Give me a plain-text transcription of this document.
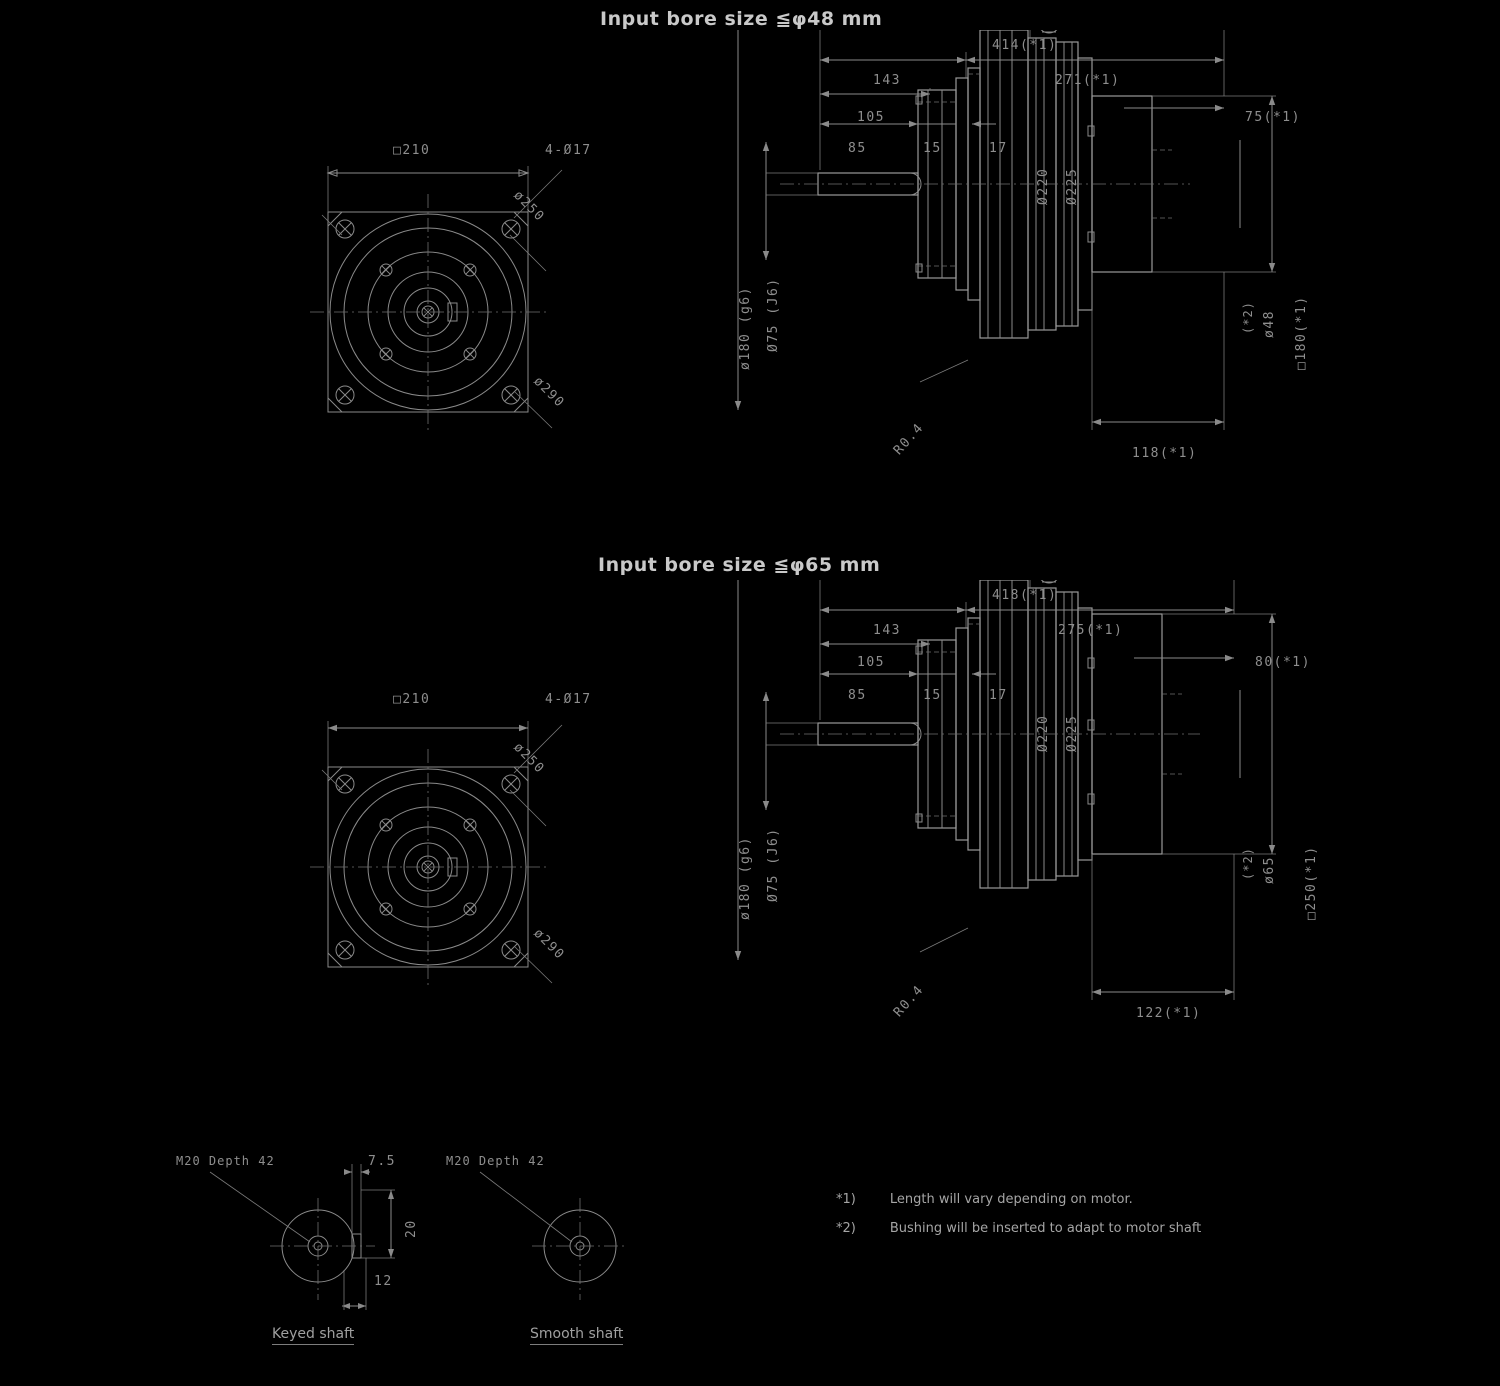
Input bore size ≦φ48 mm
□210	4-Ø17
ø250
ø290
414(*1)
143	271(*1)
105
85	15	17
75(*1)
Ø220 Ø225
ø180 (g6) Ø75 (J6)
R0.4
□180(*1)
(*2) ø48
118(*1)
Input bore size ≦φ65 mm
□210	4-Ø17
ø250
ø290
418(*1)
143	275(*1)
105
85	15	17
80(*1)
Ø220 Ø225
ø180 (g6) Ø75 (J6)
R0.4
□250(*1)
(*2) ø65
122(*1)
M20 Depth 42	7.5
20
12
M20 Depth 42
Keyed shaft	Smooth shaft
*1)	Length will vary depending on motor.
*2)	Bushing will be inserted to adapt to motor shaft
